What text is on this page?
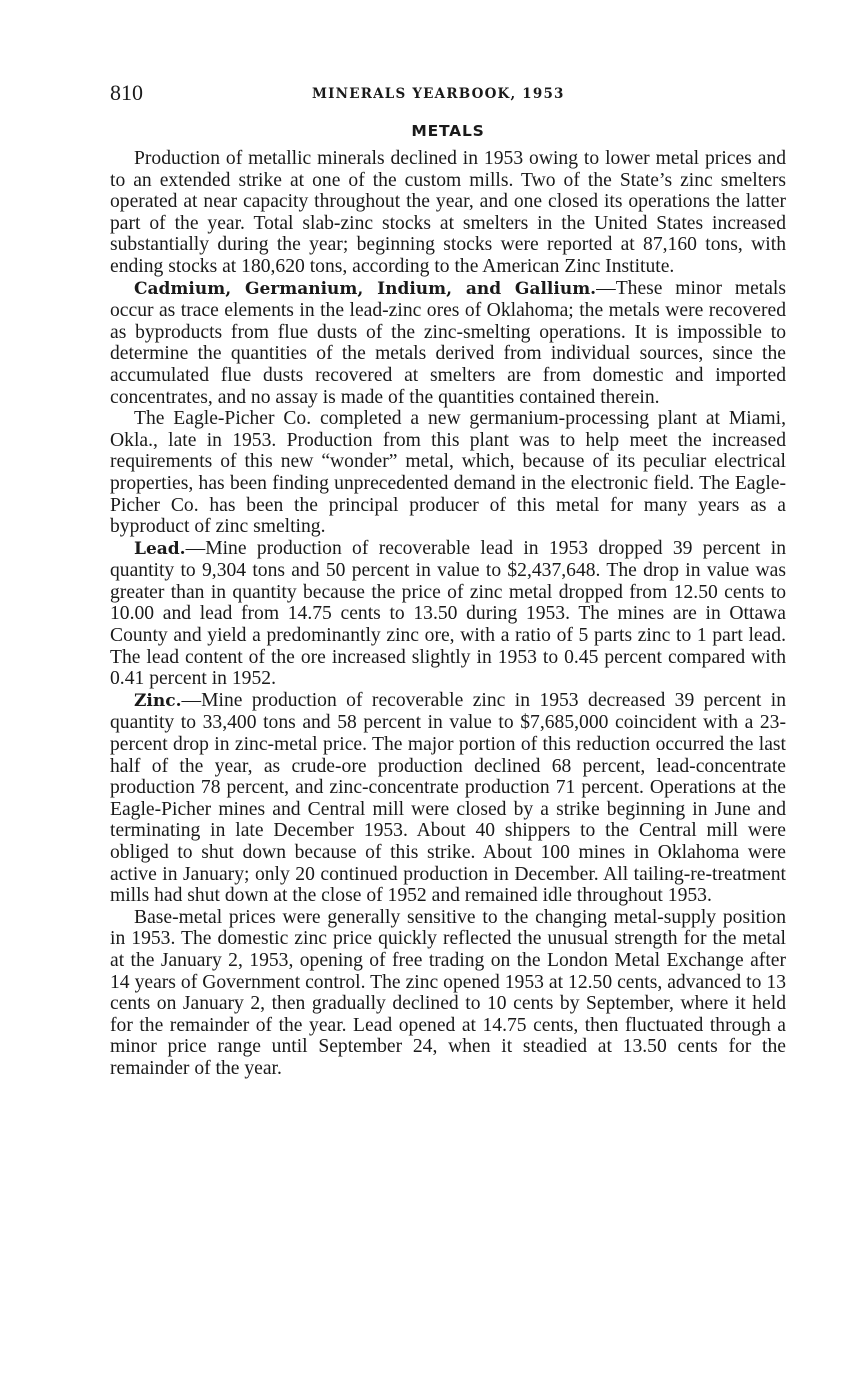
810	MINERALS YEARBOOK, 1953
METALS

Production of metallic minerals declined in 1953 owing to lower metal prices and to an extended strike at one of the custom mills. Two of the State’s zinc smelters operated at near capacity throughout the year, and one closed its operations the latter part of the year. Total slab-zinc stocks at smelters in the United States increased substantially during the year; beginning stocks were reported at 87,160 tons, with ending stocks at 180,620 tons, according to the American Zinc Institute.

Cadmium, Germanium, Indium, and Gallium.—These minor metals occur as trace elements in the lead-zinc ores of Oklahoma; the metals were recovered as byproducts from flue dusts of the zinc-smelting operations. It is impossible to determine the quantities of the metals derived from individual sources, since the accumulated flue dusts recovered at smelters are from domestic and imported concentrates, and no assay is made of the quantities contained therein.

The Eagle-Picher Co. completed a new germanium-processing plant at Miami, Okla., late in 1953. Production from this plant was to help meet the increased requirements of this new “wonder” metal, which, because of its peculiar electrical properties, has been finding unprecedented demand in the electronic field. The Eagle-Picher Co. has been the principal producer of this metal for many years as a byproduct of zinc smelting.

Lead.—Mine production of recoverable lead in 1953 dropped 39 percent in quantity to 9,304 tons and 50 percent in value to $2,437,648. The drop in value was greater than in quantity because the price of zinc metal dropped from 12.50 cents to 10.00 and lead from 14.75 cents to 13.50 during 1953. The mines are in Ottawa County and yield a predominantly zinc ore, with a ratio of 5 parts zinc to 1 part lead. The lead content of the ore increased slightly in 1953 to 0.45 percent compared with 0.41 percent in 1952.

Zinc.—Mine production of recoverable zinc in 1953 decreased 39 percent in quantity to 33,400 tons and 58 percent in value to $7,685,000 coincident with a 23-percent drop in zinc-metal price. The major portion of this reduction occurred the last half of the year, as crude-ore production declined 68 percent, lead-concentrate production 78 percent, and zinc-concentrate production 71 percent. Operations at the Eagle-Picher mines and Central mill were closed by a strike beginning in June and terminating in late December 1953. About 40 shippers to the Central mill were obliged to shut down because of this strike. About 100 mines in Oklahoma were active in January; only 20 continued production in December. All tailing-re-treatment mills had shut down at the close of 1952 and remained idle throughout 1953.

Base-metal prices were generally sensitive to the changing metal-supply position in 1953. The domestic zinc price quickly reflected the unusual strength for the metal at the January 2, 1953, opening of free trading on the London Metal Exchange after 14 years of Government control. The zinc opened 1953 at 12.50 cents, advanced to 13 cents on January 2, then gradually declined to 10 cents by September, where it held for the remainder of the year. Lead opened at 14.75 cents, then fluctuated through a minor price range until September 24, when it steadied at 13.50 cents for the remainder of the year.
